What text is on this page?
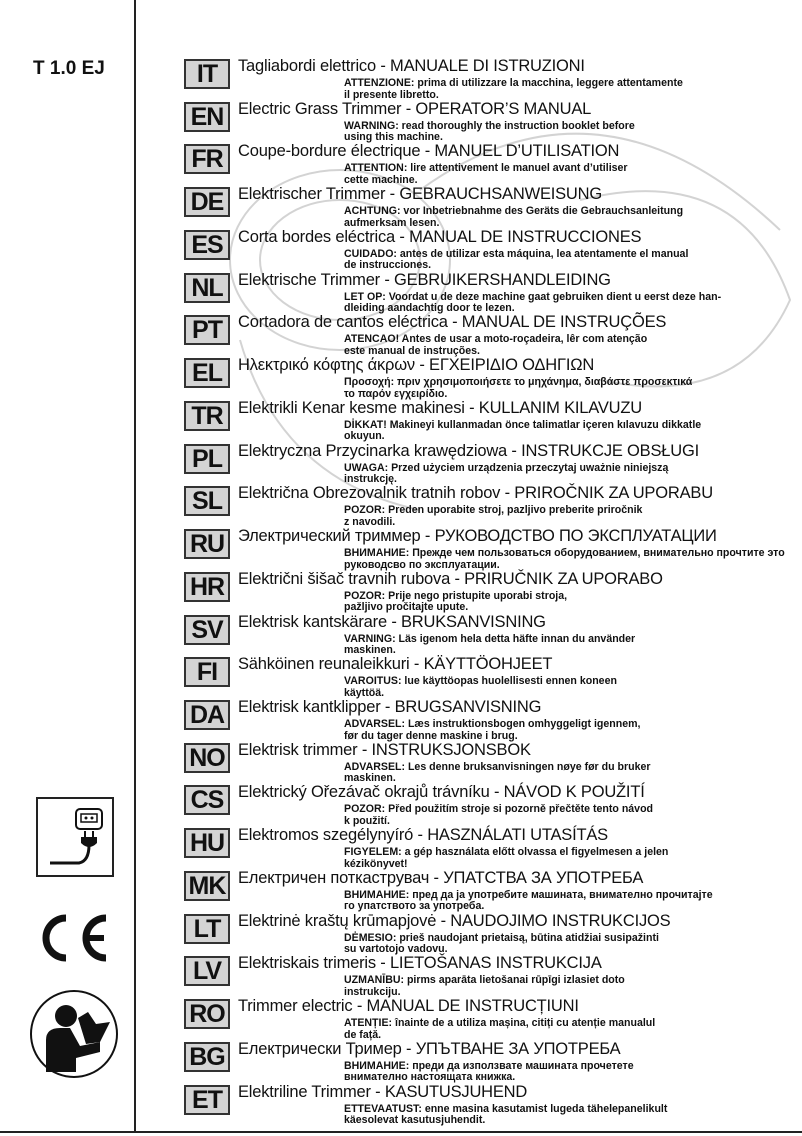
T 1.0 EJ	IT	Tagliabordi elettrico - MANUALE DI ISTRUZIONI
ATTENZIONE: prima di utilizzare la macchina, leggere attentamente
il presente libretto.
EN Electric Grass Trimmer - OPERATOR’S MANUAL
WARNING: read thoroughly the instruction booklet before
using this machine.
FR Coupe-bordure électrique - MANUEL D’UTILISATION
ATTENTION: lire attentivement le manuel avant d’utiliser
cette machine.
DE Elektrischer Trimmer - GEBRAUCHSANWEISUNG
ACHTUNG: vor Inbetriebnahme des Geräts die Gebrauchsanleitung
aufmerksam lesen.
ES Corta bordes eléctrica - MANUAL DE INSTRUCCIONES
CUIDADO: antes de utilizar esta máquina, lea atentamente el manual
de instrucciones.
NL Elektrische Trimmer - GEBRUIKERSHANDLEIDING
LET OP: Voordat u de deze machine gaat gebruiken dient u eerst deze han-
dleiding aandachtig door te lezen.
PT Cortadora de cantos eléctrica - MANUAL DE INSTRUÇÕES
ATENCAO! Antes de usar a moto-roçadeira, lêr com atenção
este manual de instruções.
EL Ηλεκτρικό κόφτης άκρων - ΕΓΧΕΙΡΙΔΙΟ ΟΔΗΓΙΩΝ
Προσοχή: πριν χρησιμοποιήσετε το μηχάνημα, διαβάστε προσεκτικά
το παρόν εγχειρίδιο.
TR Elektrikli Kenar kesme makinesi - KULLANIM KILAVUZU
DİKKAT! Makineyi kullanmadan önce talimatlar içeren kılavuzu dikkatle
okuyun.
PL Elektryczna Przycinarka krawędziowa - INSTRUKCJE OBSŁUGI
UWAGA: Przed użyciem urządzenia przeczytaj uważnie niniejszą
instrukcję.
SL Električna Obrezovalnik tratnih robov - PRIROČNIK ZA UPORABU
POZOR: Preden uporabite stroj, pazljivo preberite priročnik
z navodili.
RU Электрический триммер - РУКОВОДСТВО ПО ЭКСПЛУАТАЦИИ
ВНИМАНИЕ: Прежде чем пользоваться оборудованием, внимательно прочтите это
руководсво по эксплуатации.
HR Električni šišač travnih rubova - PRIRUČNIK ZA UPORABO
POZOR: Prije nego pristupite uporabi stroja,
pažljivo pročitajte upute.
SV Elektrisk kantskärare - BRUKSANVISNING
VARNING: Läs igenom hela detta häfte innan du använder
maskinen.
FI	Sähköinen reunaleikkuri - KÄYTTÖOHJEET
VAROITUS: lue käyttöopas huolellisesti ennen koneen
käyttöä.
DA Elektrisk kantklipper - BRUGSANVISNING
ADVARSEL: Læs instruktionsbogen omhyggeligt igennem,
før du tager denne maskine i brug.
NO Elektrisk trimmer - INSTRUKSJONSBOK
ADVARSEL: Les denne bruksanvisningen nøye før du bruker
maskinen.
CS Elektrický Ořezávač okrajů trávníku - NÁVOD K POUŽITÍ
POZOR: Před použitím stroje si pozorně přečtěte tento návod
k použití.
HU Elektromos szegélynyíró - HASZNÁLATI UTASÍTÁS
FIGYELEM: a gép használata előtt olvassa el figyelmesen a jelen
kézikönyvet!
MK Електричен поткаструвач - УПАТСТВА ЗА УПОТРЕБА
ВНИМАНИЕ: пред да ја употребите машината, внимателно прочитајте
го упатството за употреба.
LT	Elektrinė kraštų krūmapjovė - NAUDOJIMO INSTRUKCIJOS
DĖMESIO: prieš naudojant prietaisą, būtina atidžiai susipažinti
su vartotojo vadovu.
LV	Elektriskais trimeris - LIETOŠANAS INSTRUKCIJA
UZMANĪBU: pirms aparāta lietošanai rūpīgi izlasiet doto
instrukciju.
RO Trimmer electric - MANUAL DE INSTRUCȚIUNI
ATENȚIE: înainte de a utiliza mașina, citiți cu atenție manualul
de față.
BG Електрически Тример - УПЪТВАНЕ ЗА УПОТРЕБА
ВНИМАНИЕ: преди да използвате машината прочетете
внимателно настоящата книжка.
ET Elektriline Trimmer - KASUTUSJUHEND
ETTEVAATUST: enne masina kasutamist lugeda tähelepanelikult
käesolevat kasutusjuhendit.
